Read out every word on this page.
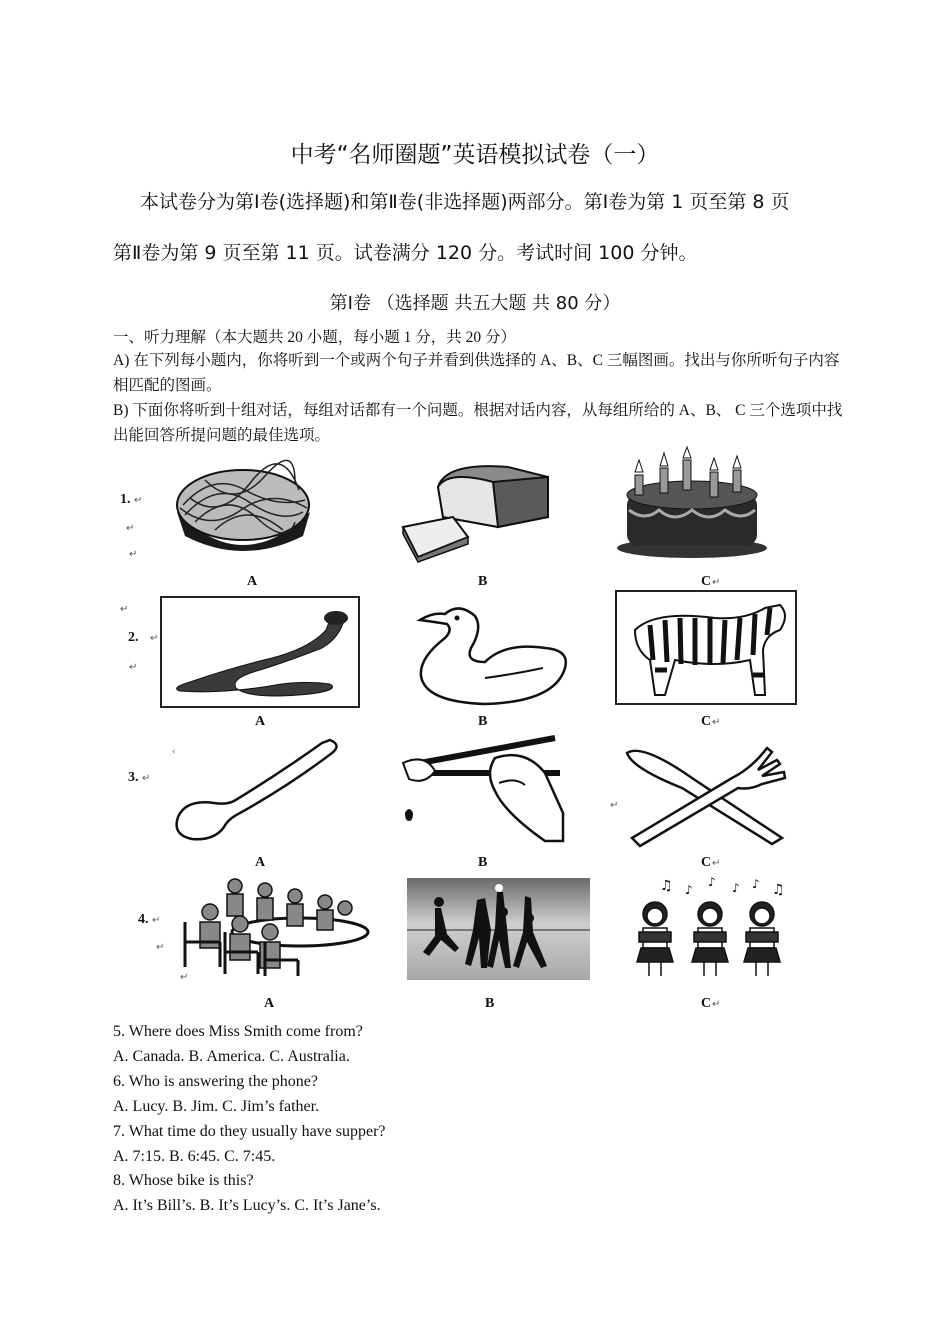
中考“名师圈题”英语模拟试卷（一）
本试卷分为第Ⅰ卷(选择题)和第Ⅱ卷(非选择题)两部分。第Ⅰ卷为第 1 页至第 8 页
第Ⅱ卷为第 9 页至第 11 页。试卷满分 120 分。考试时间 100 分钟。
第Ⅰ卷 （选择题 共五大题 共 80 分）
一、听力理解（本大题共 20 小题，每小题 1 分，共 20 分）
A) 在下列每小题内，你将听到一个或两个句子并看到供选择的 A、B、C 三幅图画。找出与你所听句子内容相匹配的图画。
B) 下面你将听到十组对话，每组对话都有一个问题。根据对话内容，从每组所给的 A、B、 C 三个选项中找出能回答所提问题的最佳选项。
1. ↵
↵
↵
A	B	C ↵
↵
2. ↵
↵
A	B	C ↵
‹
3. ↵
↵
A	B	C ↵
4. ↵
↵
↵
♫ ♪
♪ ♪ ♪ ♫
A	B	C ↵
5. Where does Miss Smith come from?
A. Canada. B. America. C. Australia.
6. Who is answering the phone?
A. Lucy. B. Jim. C. Jim’s father.
7. What time do they usually have supper?
A. 7:15. B. 6:45. C. 7:45.
8. Whose bike is this?
A. It’s Bill’s. B. It’s Lucy’s. C. It’s Jane’s.
